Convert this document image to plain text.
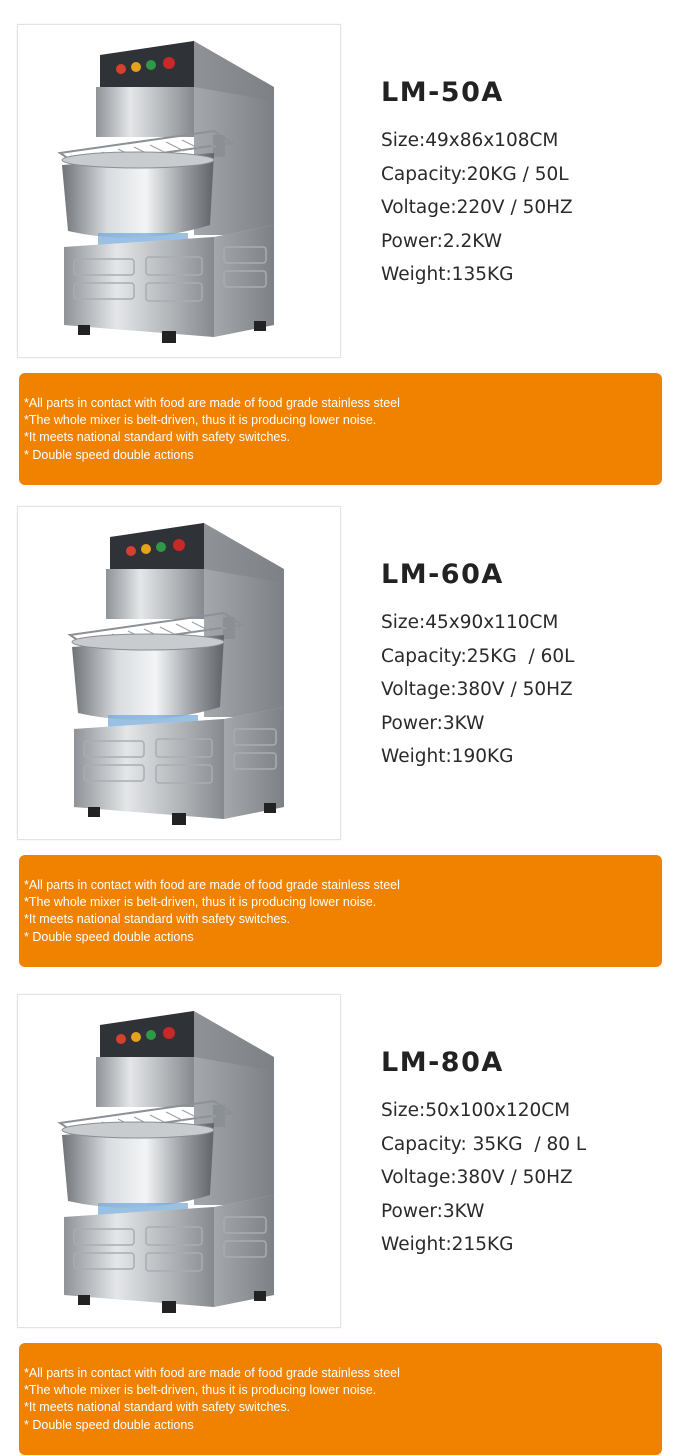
LM-50A
Size:49x86x108CM
Capacity:20KG / 50L
Voltage:220V / 50HZ
Power:2.2KW
Weight:135KG
*All parts in contact with food are made of food grade stainless steel
*The whole mixer is belt-driven, thus it is producing lower noise.
*It meets national standard with safety switches.
* Double speed double actions
LM-60A
Size:45x90x110CM
Capacity:25KG  / 60L
Voltage:380V / 50HZ
Power:3KW
Weight:190KG
*All parts in contact with food are made of food grade stainless steel
*The whole mixer is belt-driven, thus it is producing lower noise.
*It meets national standard with safety switches.
* Double speed double actions
LM-80A
Size:50x100x120CM
Capacity: 35KG  / 80 L
Voltage:380V / 50HZ
Power:3KW
Weight:215KG
*All parts in contact with food are made of food grade stainless steel
*The whole mixer is belt-driven, thus it is producing lower noise.
*It meets national standard with safety switches.
* Double speed double actions
